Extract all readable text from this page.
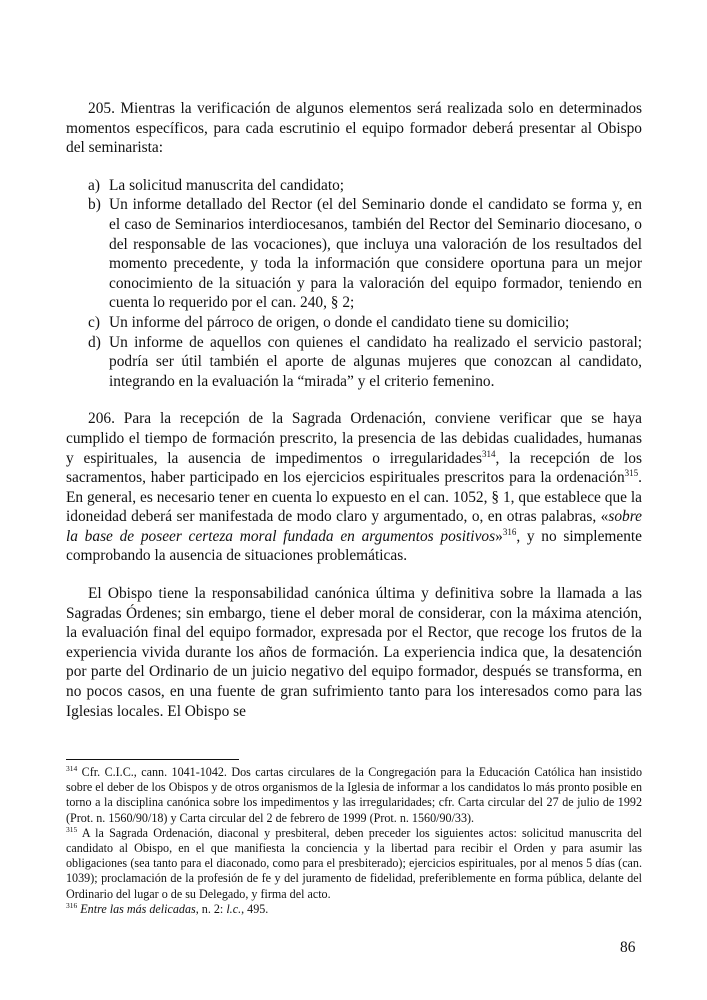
205. Mientras la verificación de algunos elementos será realizada solo en determinados momentos específicos, para cada escrutinio el equipo formador deberá presentar al Obispo del seminarista:

a) La solicitud manuscrita del candidato;
b) Un informe detallado del Rector (el del Seminario donde el candidato se forma y, en el caso de Seminarios interdiocesanos, también del Rector del Seminario diocesano, o del responsable de las vocaciones), que incluya una valoración de los resultados del momento precedente, y toda la información que considere oportuna para un mejor conocimiento de la situación y para la valoración del equipo formador, teniendo en cuenta lo requerido por el can. 240, § 2;
c) Un informe del párroco de origen, o donde el candidato tiene su domicilio;
d) Un informe de aquellos con quienes el candidato ha realizado el servicio pastoral; podría ser útil también el aporte de algunas mujeres que conozcan al candidato, integrando en la evaluación la “mirada” y el criterio femenino.

206. Para la recepción de la Sagrada Ordenación, conviene verificar que se haya cumplido el tiempo de formación prescrito, la presencia de las debidas cualidades, humanas y espirituales, la ausencia de impedimentos o irregularidades$^{314}$, la recepción de los sacramentos, haber participado en los ejercicios espirituales prescritos para la ordenación$^{315}$. En general, es necesario tener en cuenta lo expuesto en el can. 1052, § 1, que establece que la idoneidad deberá ser manifestada de modo claro y argumentado, o, en otras palabras, «sobre la base de poseer certeza moral fundada en argumentos positivos»$^{316}$, y no simplemente comprobando la ausencia de situaciones problemáticas.

El Obispo tiene la responsabilidad canónica última y definitiva sobre la llamada a las Sagradas Órdenes; sin embargo, tiene el deber moral de considerar, con la máxima atención, la evaluación final del equipo formador, expresada por el Rector, que recoge los frutos de la experiencia vivida durante los años de formación. La experiencia indica que, la desatención por parte del Ordinario de un juicio negativo del equipo formador, después se transforma, en no pocos casos, en una fuente de gran sufrimiento tanto para los interesados como para las Iglesias locales. El Obispo se

$^{314}$ Cfr. C.I.C., cann. 1041-1042. Dos cartas circulares de la Congregación para la Educación Católica han insistido sobre el deber de los Obispos y de otros organismos de la Iglesia de informar a los candidatos lo más pronto posible en torno a la disciplina canónica sobre los impedimentos y las irregularidades; cfr. Carta circular del 27 de julio de 1992 (Prot. n. 1560/90/18) y Carta circular del 2 de febrero de 1999 (Prot. n. 1560/90/33).

$^{315}$ A la Sagrada Ordenación, diaconal y presbiteral, deben preceder los siguientes actos: solicitud manuscrita del candidato al Obispo, en el que manifiesta la conciencia y la libertad para recibir el Orden y para asumir las obligaciones (sea tanto para el diaconado, como para el presbiterado); ejercicios espirituales, por al menos 5 días (can. 1039); proclamación de la profesión de fe y del juramento de fidelidad, preferiblemente en forma pública, delante del Ordinario del lugar o de su Delegado, y firma del acto.

$^{316}$ Entre las más delicadas, n. 2: l.c., 495.

86
